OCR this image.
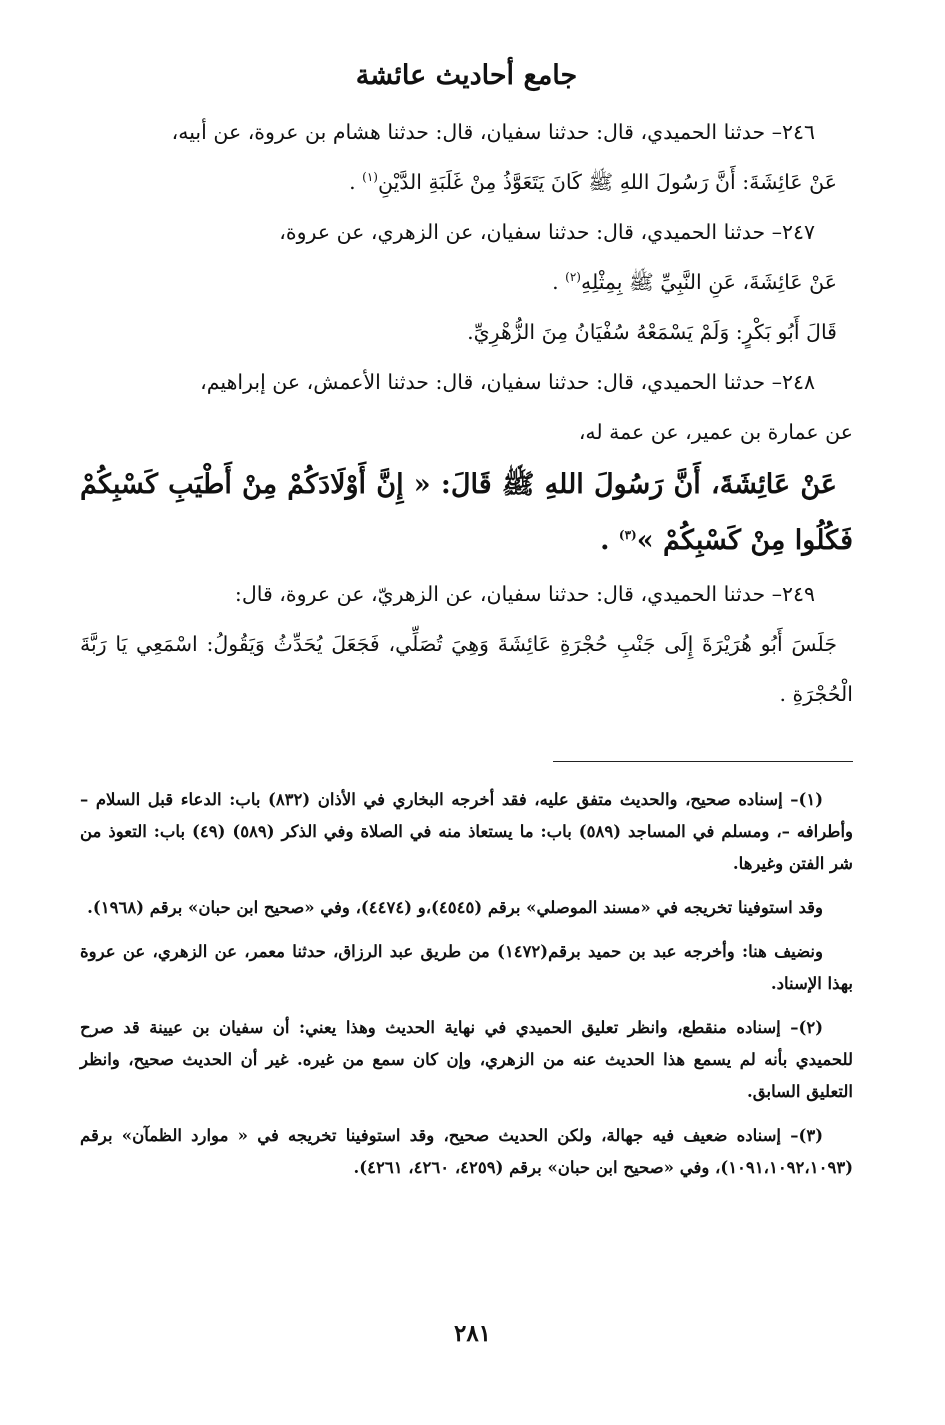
جامع أحاديث عائشة

٢٤٦– حدثنا الحميدي، قال: حدثنا سفيان، قال: حدثنا هشام بن عروة، عن أبيه،

عَنْ عَائِشَةَ: أَنَّ رَسُولَ اللهِ ﷺ كَانَ يَتَعَوَّذُ مِنْ غَلَبَةِ الدَّيْنِ$^{(١)}$ .

٢٤٧– حدثنا الحميدي، قال: حدثنا سفيان، عن الزهري، عن عروة،

عَنْ عَائِشَةَ، عَنِ النَّبِيِّ ﷺ بِمِثْلِهِ$^{(٢)}$ .

قَالَ أَبُو بَكْرٍ: وَلَمْ يَسْمَعْهُ سُفْيَانُ مِنَ الزُّهْرِيِّ.

٢٤٨– حدثنا الحميدي، قال: حدثنا سفيان، قال: حدثنا الأعمش، عن إبراهيم،

عن عمارة بن عمير، عن عمة له،

عَنْ عَائِشَةَ، أَنَّ رَسُولَ اللهِ ﷺ قَالَ: « إِنَّ أَوْلَادَكُمْ مِنْ أَطْيَبِ كَسْبِكُمْ فَكُلُوا مِنْ كَسْبِكُمْ »$^{(٣)}$ .

٢٤٩– حدثنا الحميدي، قال: حدثنا سفيان، عن الزهريّ، عن عروة، قال:

جَلَسَ أَبُو هُرَيْرَةَ إِلَى جَنْبِ حُجْرَةِ عَائِشَةَ وَهِيَ تُصَلِّي، فَجَعَلَ يُحَدِّثُ وَيَقُولُ: اسْمَعِي يَا رَبَّةَ الْحُجْرَةِ .

(١)– إسناده صحيح، والحديث متفق عليه، فقد أخرجه البخاري في الأذان (٨٣٢) باب: الدعاء قبل السلام – وأطرافه –، ومسلم في المساجد (٥٨٩) باب: ما يستعاذ منه في الصلاة وفي الذكر (٥٨٩) (٤٩) باب: التعوذ من شر الفتن وغيرها.

وقد استوفينا تخريجه في «مسند الموصلي» برقم (٤٥٤٥)،و (٤٤٧٤)، وفي «صحيح ابن حبان» برقم (١٩٦٨).

ونضيف هنا: وأخرجه عبد بن حميد برقم(١٤٧٢) من طريق عبد الرزاق، حدثنا معمر، عن الزهري، عن عروة بهذا الإسناد.

(٢)– إسناده منقطع، وانظر تعليق الحميدي في نهاية الحديث وهذا يعني: أن سفيان بن عيينة قد صرح للحميدي بأنه لم يسمع هذا الحديث عنه من الزهري، وإن كان سمع من غيره. غير أن الحديث صحيح، وانظر التعليق السابق.

(٣)– إسناده ضعيف فيه جهالة، ولكن الحديث صحيح، وقد استوفينا تخريجه في « موارد الظمآن» برقم (١٠٩١،١٠٩٢،١٠٩٣)، وفي «صحيح ابن حبان» برقم (٤٢٥٩، ٤٢٦٠، ٤٢٦١).

٢٨١
